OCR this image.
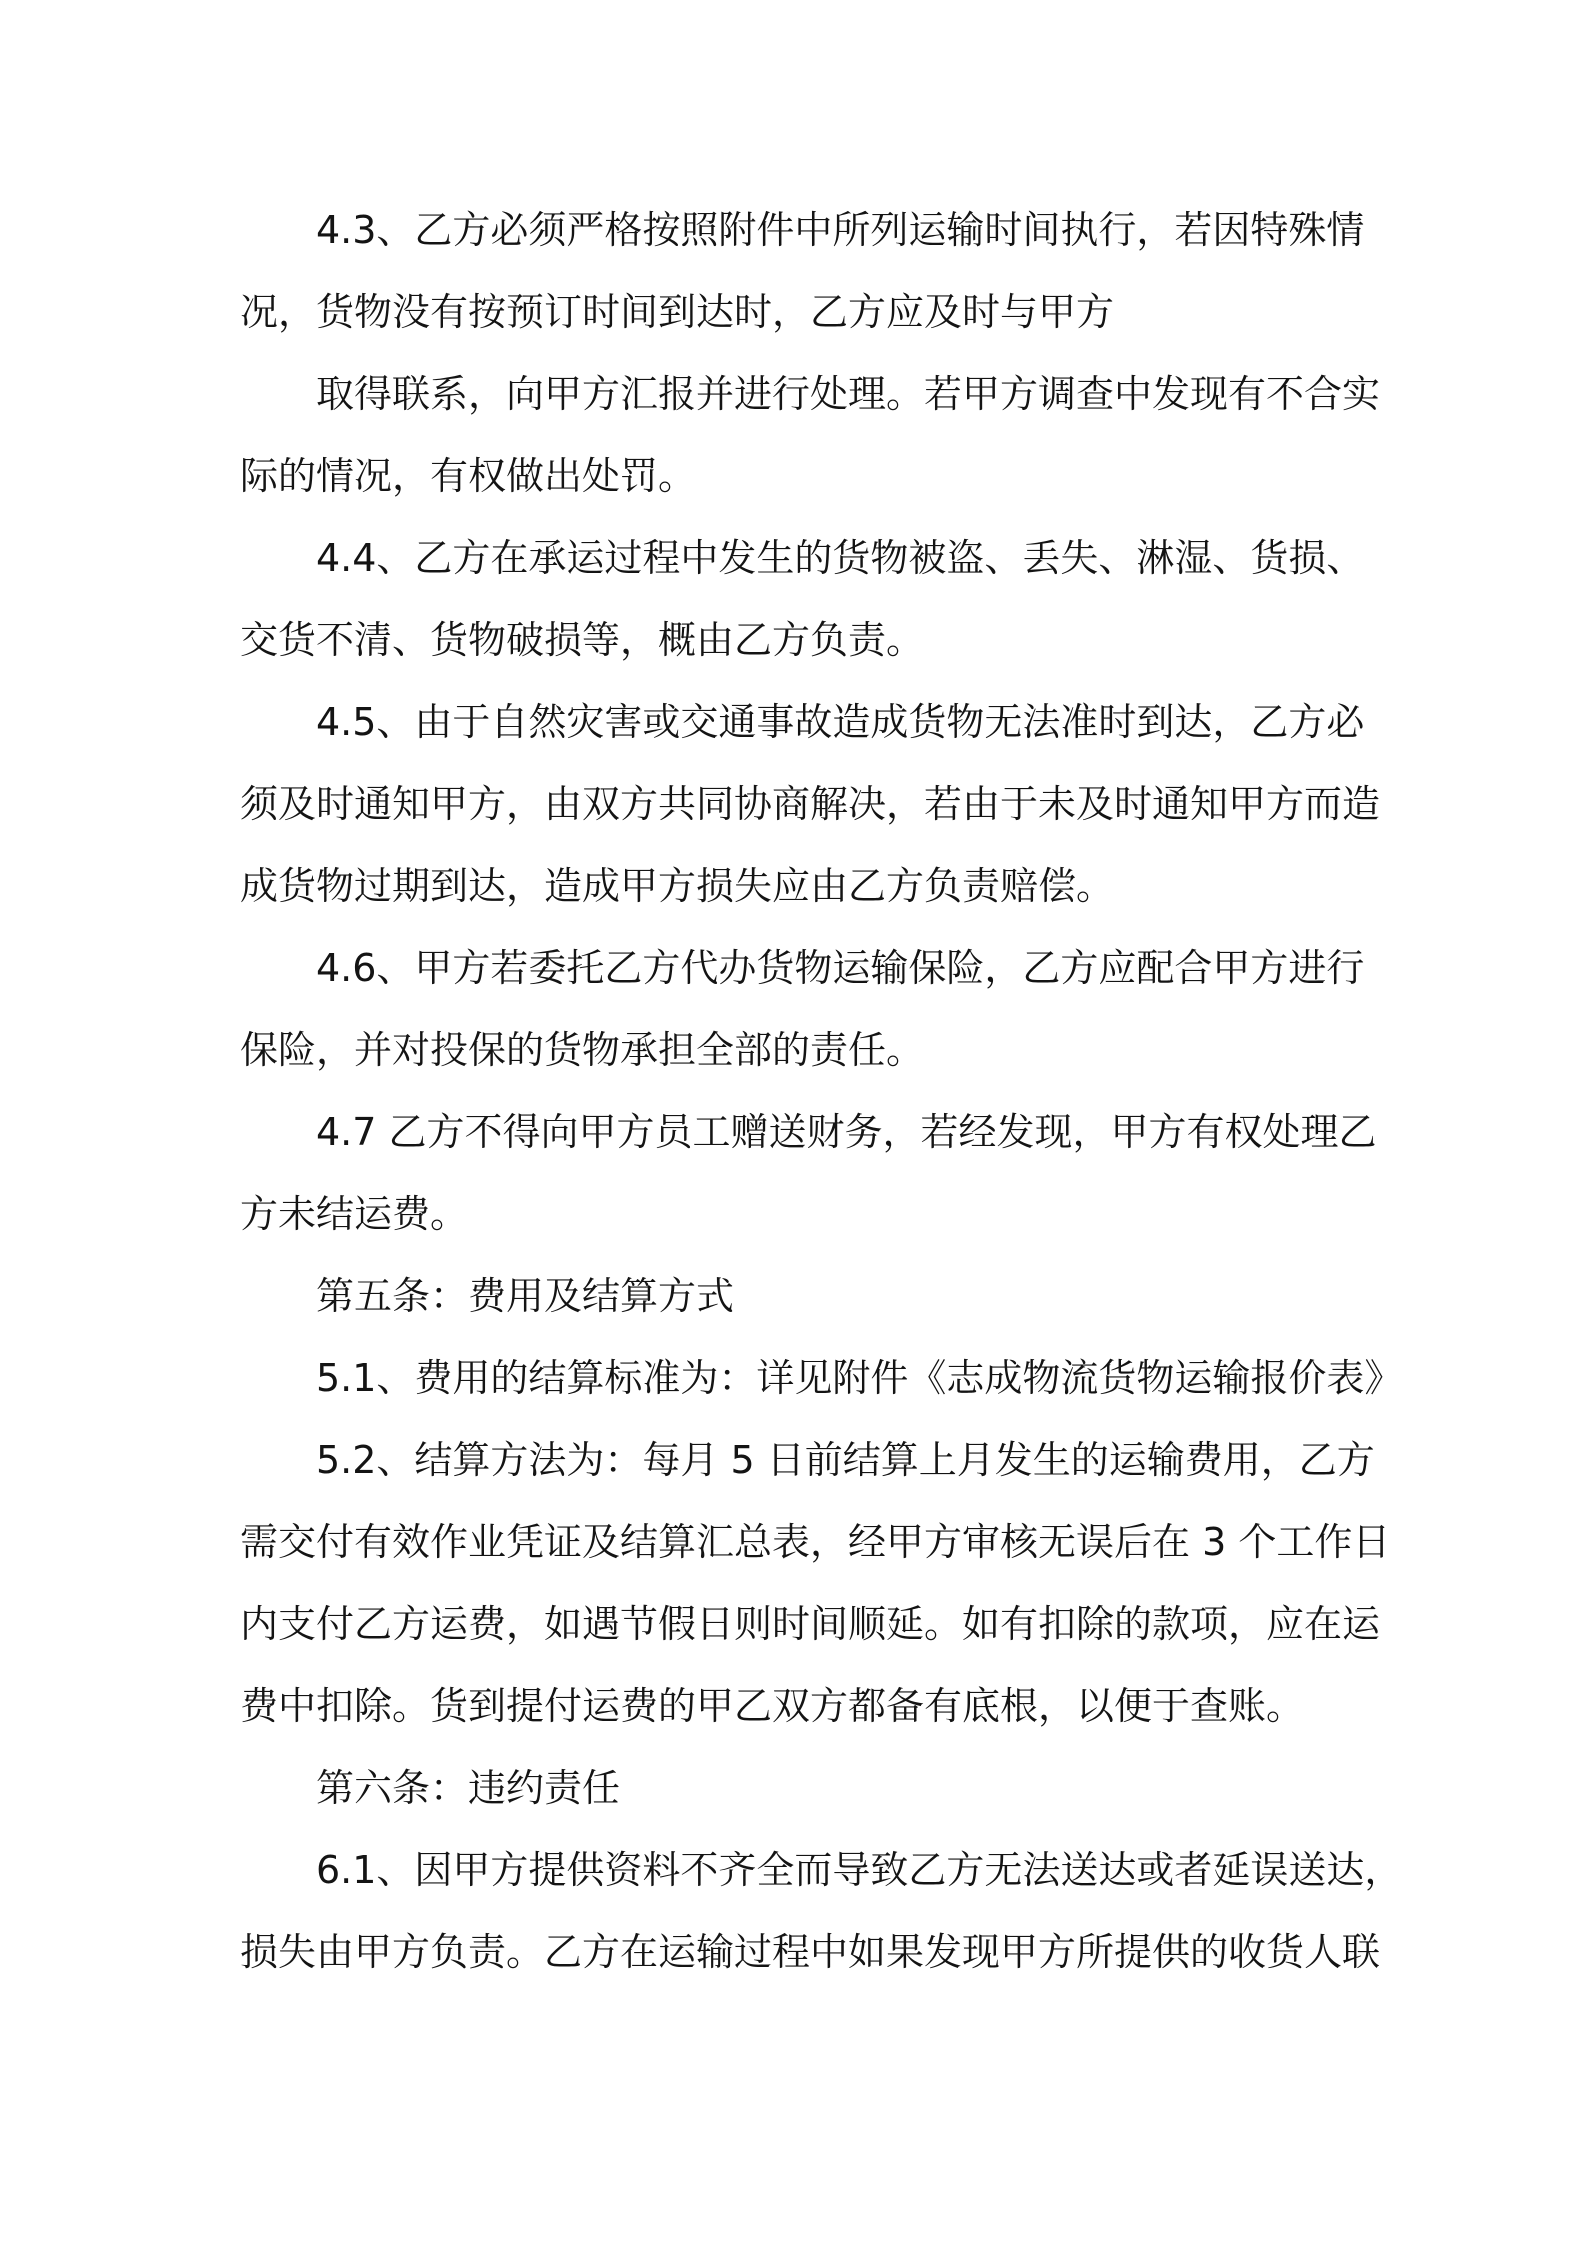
4.3、乙方必须严格按照附件中所列运输时间执行，若因特殊情
况，货物没有按预订时间到达时，乙方应及时与甲方
取得联系，向甲方汇报并进行处理。若甲方调查中发现有不合实
际的情况，有权做出处罚。
4.4、乙方在承运过程中发生的货物被盗、丢失、淋湿、货损、
交货不清、货物破损等，概由乙方负责。
4.5、由于自然灾害或交通事故造成货物无法准时到达，乙方必
须及时通知甲方，由双方共同协商解决，若由于未及时通知甲方而造
成货物过期到达，造成甲方损失应由乙方负责赔偿。
4.6、甲方若委托乙方代办货物运输保险，乙方应配合甲方进行
保险，并对投保的货物承担全部的责任。
4.7 乙方不得向甲方员工赠送财务，若经发现，甲方有权处理乙
方未结运费。
第五条：费用及结算方式
5.1、费用的结算标准为：详见附件《志成物流货物运输报价表》
5.2、结算方法为：每月 5 日前结算上月发生的运输费用，乙方
需交付有效作业凭证及结算汇总表，经甲方审核无误后在 3 个工作日
内支付乙方运费，如遇节假日则时间顺延。如有扣除的款项，应在运
费中扣除。货到提付运费的甲乙双方都备有底根，以便于查账。
第六条：违约责任
6.1、因甲方提供资料不齐全而导致乙方无法送达或者延误送达，
损失由甲方负责。乙方在运输过程中如果发现甲方所提供的收货人联
